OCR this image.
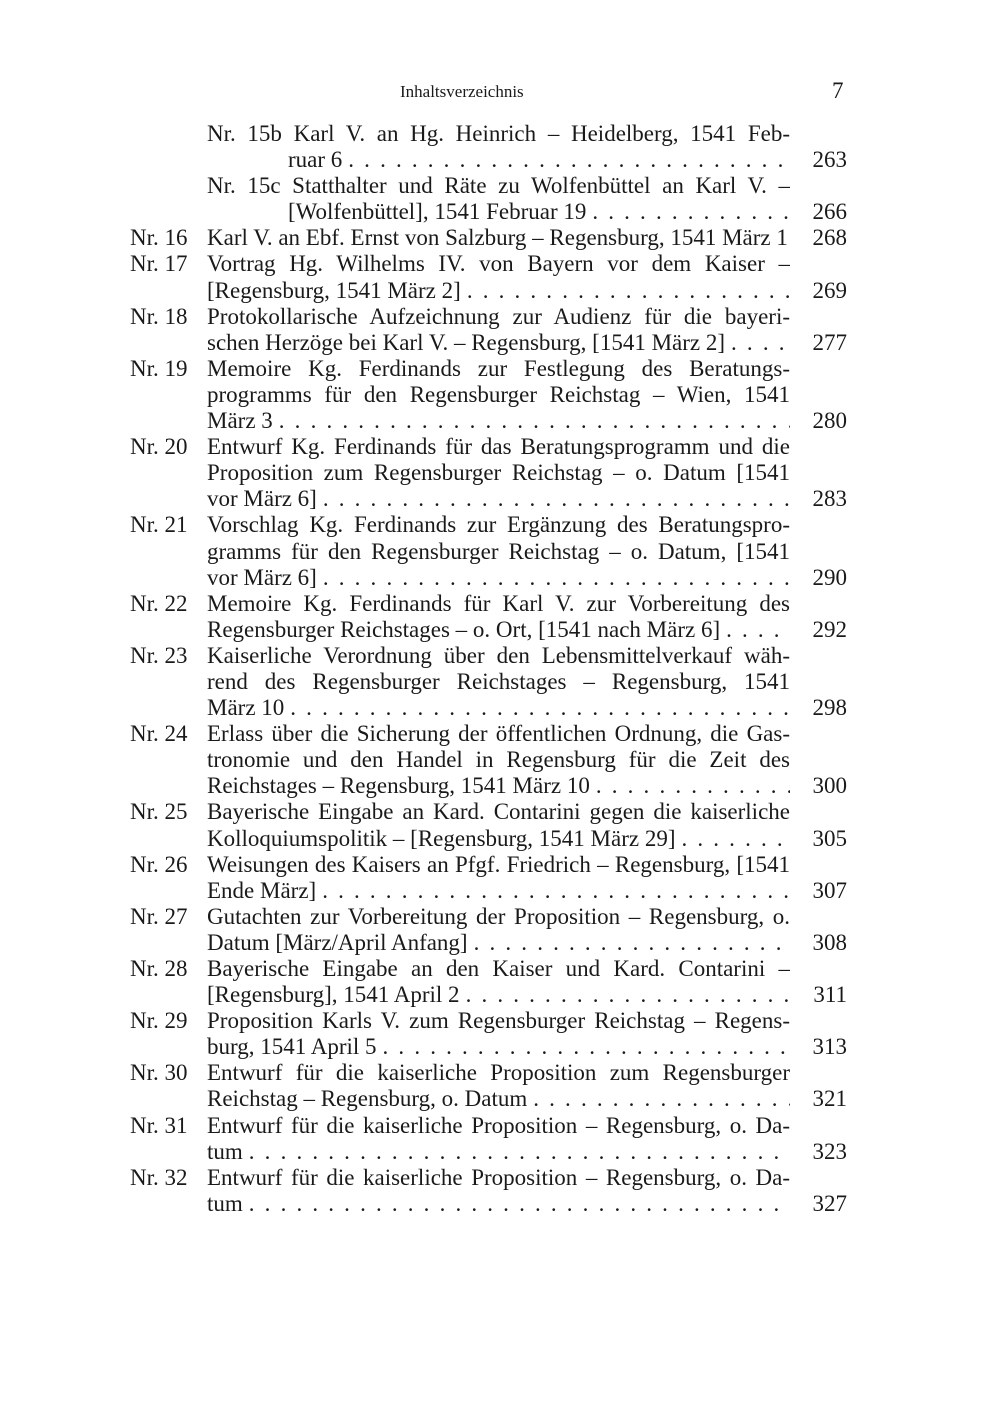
Inhaltsverzeichnis	7
Nr. 15b Karl V. an Hg. Heinrich – Heidelberg, 1541 Feb-
ruar 6 . . .	263
Nr. 15c Statthalter und Räte zu Wolfenbüttel an Karl V. –
[Wolfenbüttel], 1541 Februar 19 . . .	266
Nr. 16 Karl V. an Ebf. Ernst von Salzburg – Regensburg, 1541 März 1	268
Nr. 17 Vortrag Hg. Wilhelms IV. von Bayern vor dem Kaiser –
[Regensburg, 1541 März 2] . . .	269
Nr. 18 Protokollarische Aufzeichnung zur Audienz für die bayeri-
schen Herzöge bei Karl V. – Regensburg, [1541 März 2] . . .	277
Nr. 19 Memoire Kg. Ferdinands zur Festlegung des Beratungs-
programms für den Regensburger Reichstag – Wien, 1541
März 3 . . .	280
Nr. 20 Entwurf Kg. Ferdinands für das Beratungsprogramm und die
Proposition zum Regensburger Reichstag – o. Datum [1541
vor März 6] . . .	283
Nr. 21 Vorschlag Kg. Ferdinands zur Ergänzung des Beratungspro-
gramms für den Regensburger Reichstag – o. Datum, [1541
vor März 6] . . .	290
Nr. 22 Memoire Kg. Ferdinands für Karl V. zur Vorbereitung des
Regensburger Reichstages – o. Ort, [1541 nach März 6] . . .	292
Nr. 23 Kaiserliche Verordnung über den Lebensmittelverkauf wäh-
rend des Regensburger Reichstages – Regensburg, 1541
März 10 . . .	298
Nr. 24 Erlass über die Sicherung der öffentlichen Ordnung, die Gas-
tronomie und den Handel in Regensburg für die Zeit des
Reichstages – Regensburg, 1541 März 10 . . .	300
Nr. 25 Bayerische Eingabe an Kard. Contarini gegen die kaiserliche
Kolloquiumspolitik – [Regensburg, 1541 März 29] . . .	305
Nr. 26 Weisungen des Kaisers an Pfgf. Friedrich – Regensburg, [1541
Ende März] . . .	307
Nr. 27 Gutachten zur Vorbereitung der Proposition – Regensburg, o.
Datum [März/April Anfang] . . .	308
Nr. 28 Bayerische Eingabe an den Kaiser und Kard. Contarini –
[Regensburg], 1541 April 2 . . .	311
Nr. 29 Proposition Karls V. zum Regensburger Reichstag – Regens-
burg, 1541 April 5 . . .	313
Nr. 30 Entwurf für die kaiserliche Proposition zum Regensburger
Reichstag – Regensburg, o. Datum . . .	321
Nr. 31 Entwurf für die kaiserliche Proposition – Regensburg, o. Da-
tum . . .	323
Nr. 32 Entwurf für die kaiserliche Proposition – Regensburg, o. Da-
tum . . .	327
